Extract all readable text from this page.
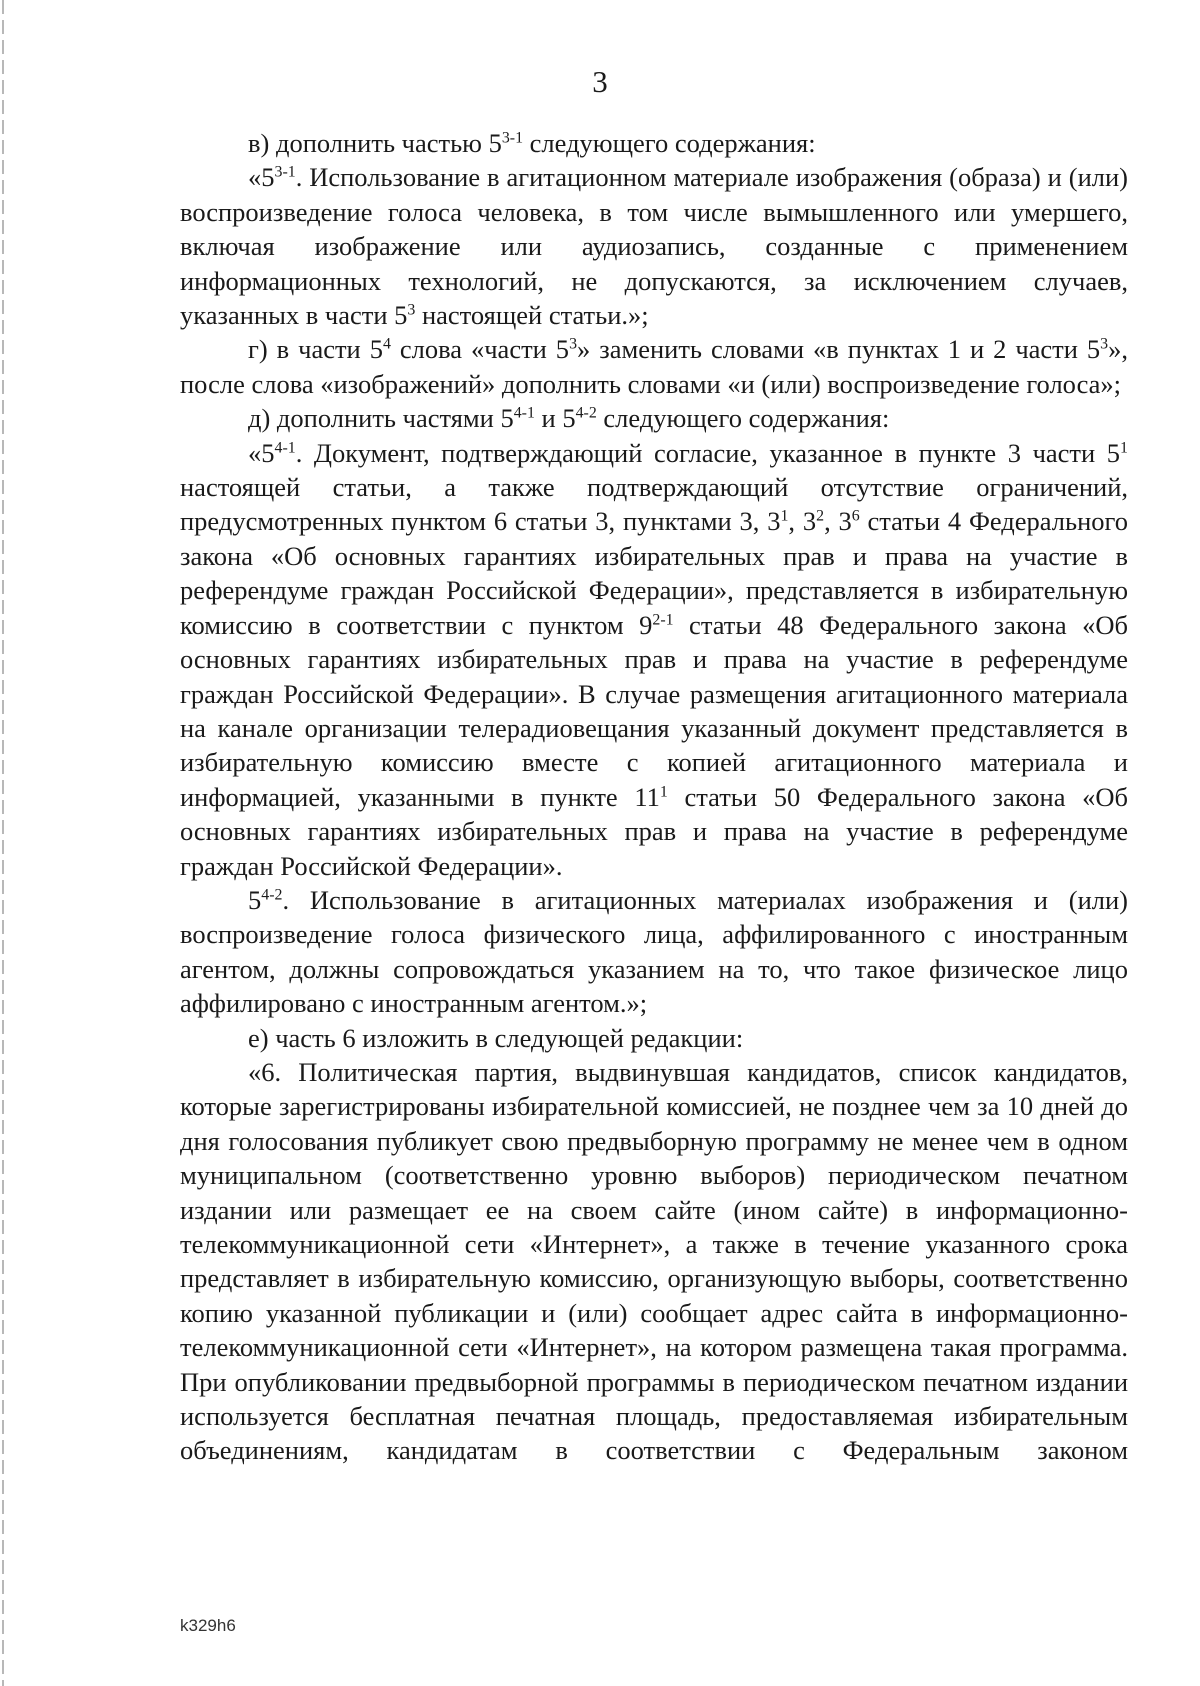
3

в) дополнить частью 5$^{3-1}$ следующего содержания:

«5$^{3-1}$. Использование в агитационном материале изображения (образа) и (или) воспроизведение голоса человека, в том числе вымышленного или умершего, включая изображение или аудиозапись, созданные с применением информационных технологий, не допускаются, за исключением случаев, указанных в части $5^3$ настоящей статьи.»;

г) в части $5^4$ слова «части $5^3$» заменить словами «в пунктах 1 и 2 части $5^3$», после слова «изображений» дополнить словами «и (или) воспроизведение голоса»;

д) дополнить частями 5$^{4-1}$ и 5$^{4-2}$ следующего содержания:

«5$^{4-1}$. Документ, подтверждающий согласие, указанное в пункте 3 части $5^1$ настоящей статьи, а также подтверждающий отсутствие ограничений, предусмотренных пунктом 6 статьи 3, пунктами 3, $3^1$, $3^2$, $3^6$ статьи 4 Федерального закона «Об основных гарантиях избирательных прав и права на участие в референдуме граждан Российской Федерации», представляется в избирательную комиссию в соответствии с пунктом 9$^{2-1}$ статьи 48 Федерального закона «Об основных гарантиях избирательных прав и права на участие в референдуме граждан Российской Федерации». В случае размещения агитационного материала на канале организации телерадиовещания указанный документ представляется в избирательную комиссию вместе с копией агитационного материала и информацией, указанными в пункте $11^1$ статьи 50 Федерального закона «Об основных гарантиях избирательных прав и права на участие в референдуме граждан Российской Федерации».

5$^{4-2}$. Использование в агитационных материалах изображения и (или) воспроизведение голоса физического лица, аффилированного с иностранным агентом, должны сопровождаться указанием на то, что такое физическое лицо аффилировано с иностранным агентом.»;

е) часть 6 изложить в следующей редакции:

«6. Политическая партия, выдвинувшая кандидатов, список кандидатов, которые зарегистрированы избирательной комиссией, не позднее чем за 10 дней до дня голосования публикует свою предвыборную программу не менее чем в одном муниципальном (соответственно уровню выборов) периодическом печатном издании или размещает ее на своем сайте (ином сайте) в информационно-телекоммуникационной сети «Интернет», а также в течение указанного срока представляет в избирательную комиссию, организующую выборы, соответственно копию указанной публикации и (или) сообщает адрес сайта в информационно-телекоммуникационной сети «Интернет», на котором размещена такая программа. При опубликовании предвыборной программы в периодическом печатном издании используется бесплатная печатная площадь, предоставляемая избирательным объединениям, кандидатам в соответствии с Федеральным законом

k329h6
